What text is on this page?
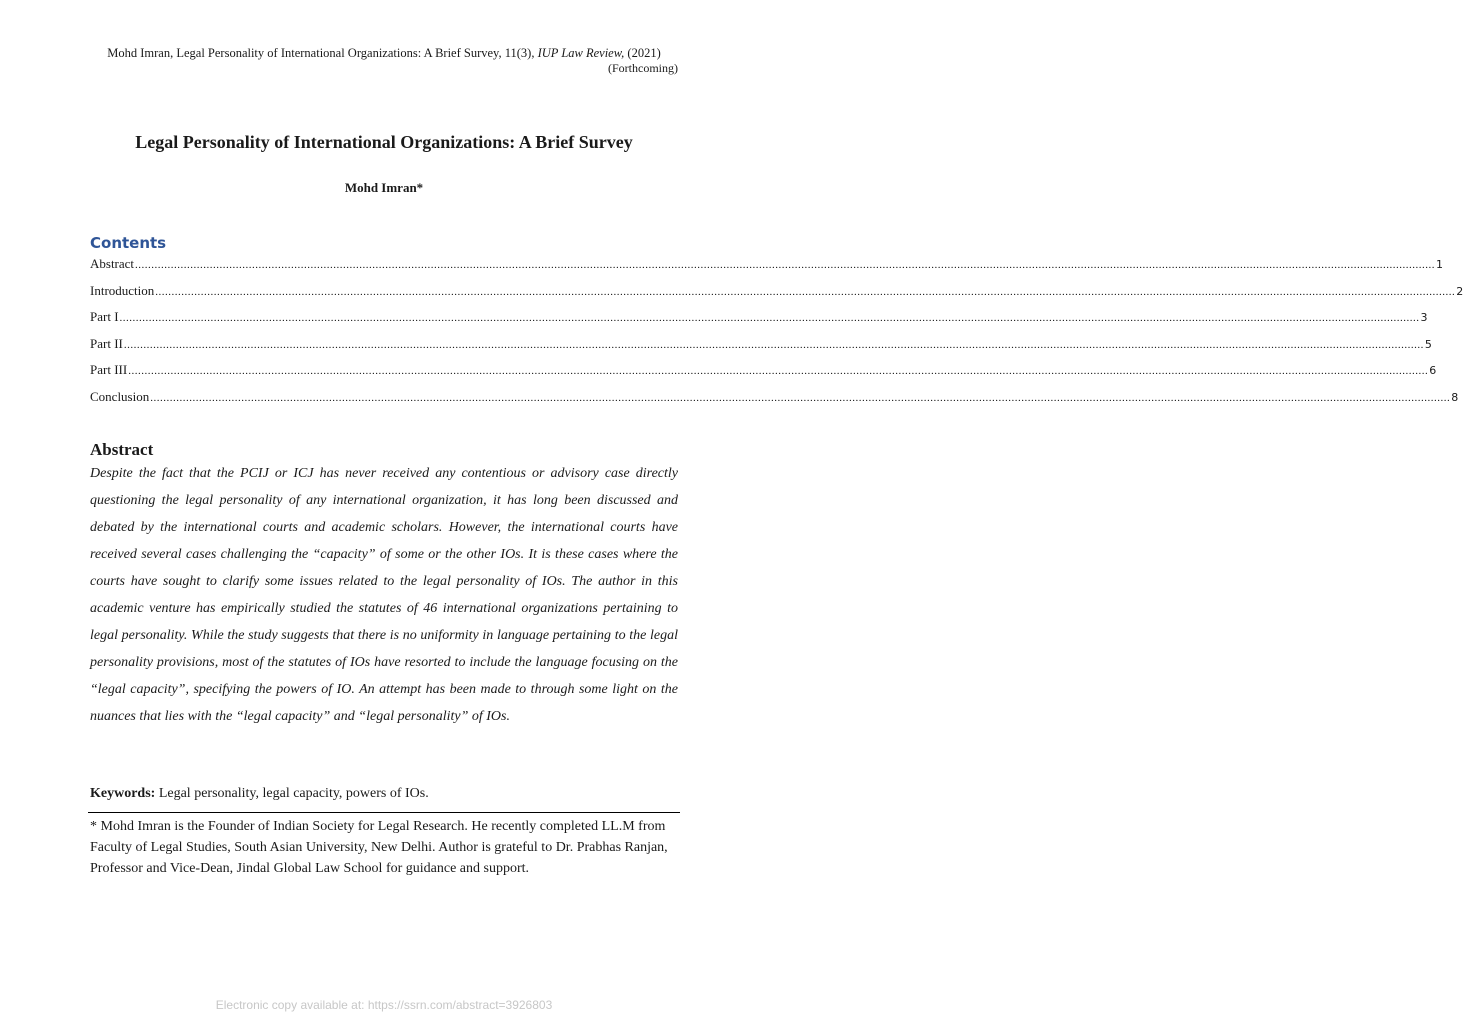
Mohd Imran, Legal Personality of International Organizations: A Brief Survey, 11(3), IUP Law Review, (2021)
(Forthcoming)
Legal Personality of International Organizations: A Brief Survey
Mohd Imran*
Contents
Abstract ................................................................................................................................................................................................................................................................................................................................................................................................................ 1
Introduction ................................................................................................................................................................................................................................................................................................................................................................................................................ 2
Part I ................................................................................................................................................................................................................................................................................................................................................................................................................ 3
Part II ................................................................................................................................................................................................................................................................................................................................................................................................................ 5
Part III ................................................................................................................................................................................................................................................................................................................................................................................................................ 6
Conclusion ................................................................................................................................................................................................................................................................................................................................................................................................................ 8
Abstract
Despite the fact that the PCIJ or ICJ has never received any contentious or advisory case directly questioning the legal personality of any international organization, it has long been discussed and debated by the international courts and academic scholars. However, the international courts have received several cases challenging the “capacity” of some or the other IOs. It is these cases where the courts have sought to clarify some issues related to the legal personality of IOs. The author in this academic venture has empirically studied the statutes of 46 international organizations pertaining to legal personality. While the study suggests that there is no uniformity in language pertaining to the legal personality provisions, most of the statutes of IOs have resorted to include the language focusing on the “legal capacity”, specifying the powers of IO. An attempt has been made to through some light on the nuances that lies with the “legal capacity” and “legal personality” of IOs.
Keywords: Legal personality, legal capacity, powers of IOs.
* Mohd Imran is the Founder of Indian Society for Legal Research. He recently completed LL.M from Faculty of Legal Studies, South Asian University, New Delhi. Author is grateful to Dr. Prabhas Ranjan, Professor and Vice-Dean, Jindal Global Law School for guidance and support.
Electronic copy available at: https://ssrn.com/abstract=3926803
